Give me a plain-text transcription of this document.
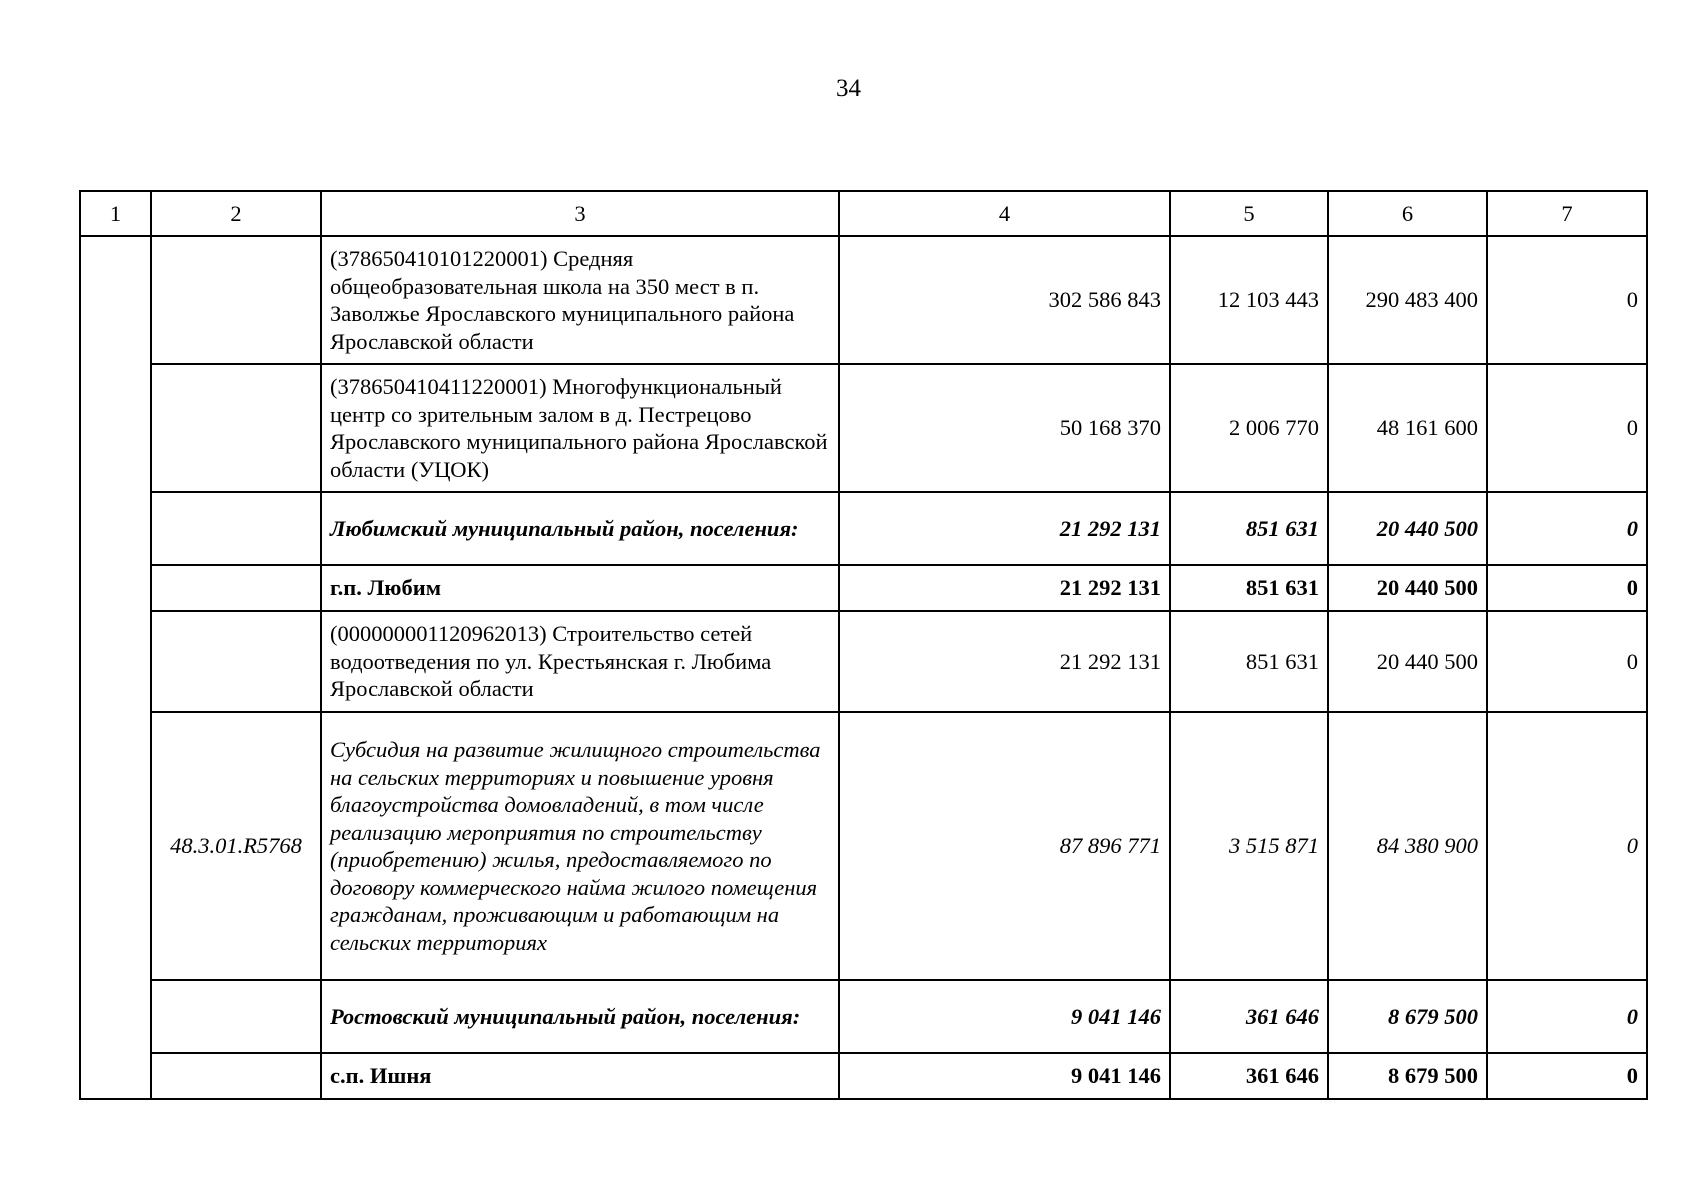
34
1	2	3	4	5	6	7
		(378650410101220001) Средняя общеобразовательная школа на 350 мест в п. Заволжье Ярославского муниципального района Ярославской области	302 586 843	12 103 443	290 483 400	0
		(378650410411220001) Многофункциональный центр со зрительным залом в д. Пестрецово Ярославского муниципального района Ярославской области (УЦОК)	50 168 370	2 006 770	48 161 600	0
		Любимский муниципальный район, поселения:	21 292 131	851 631	20 440 500	0
		г.п. Любим	21 292 131	851 631	20 440 500	0
		(000000001120962013) Строительство сетей водоотведения по ул. Крестьянская г. Любима Ярославской области	21 292 131	851 631	20 440 500	0
	48.3.01.R5768	Субсидия на развитие жилищного строительства на сельских территориях и повышение уровня благоустройства домовладений, в том числе реализацию мероприятия по строительству (приобретению) жилья, предоставляемого по договору коммерческого найма жилого помещения гражданам, проживающим и работающим на сельских территориях	87 896 771	3 515 871	84 380 900	0
		Ростовский муниципальный район, поселения:	9 041 146	361 646	8 679 500	0
		с.п. Ишня	9 041 146	361 646	8 679 500	0
